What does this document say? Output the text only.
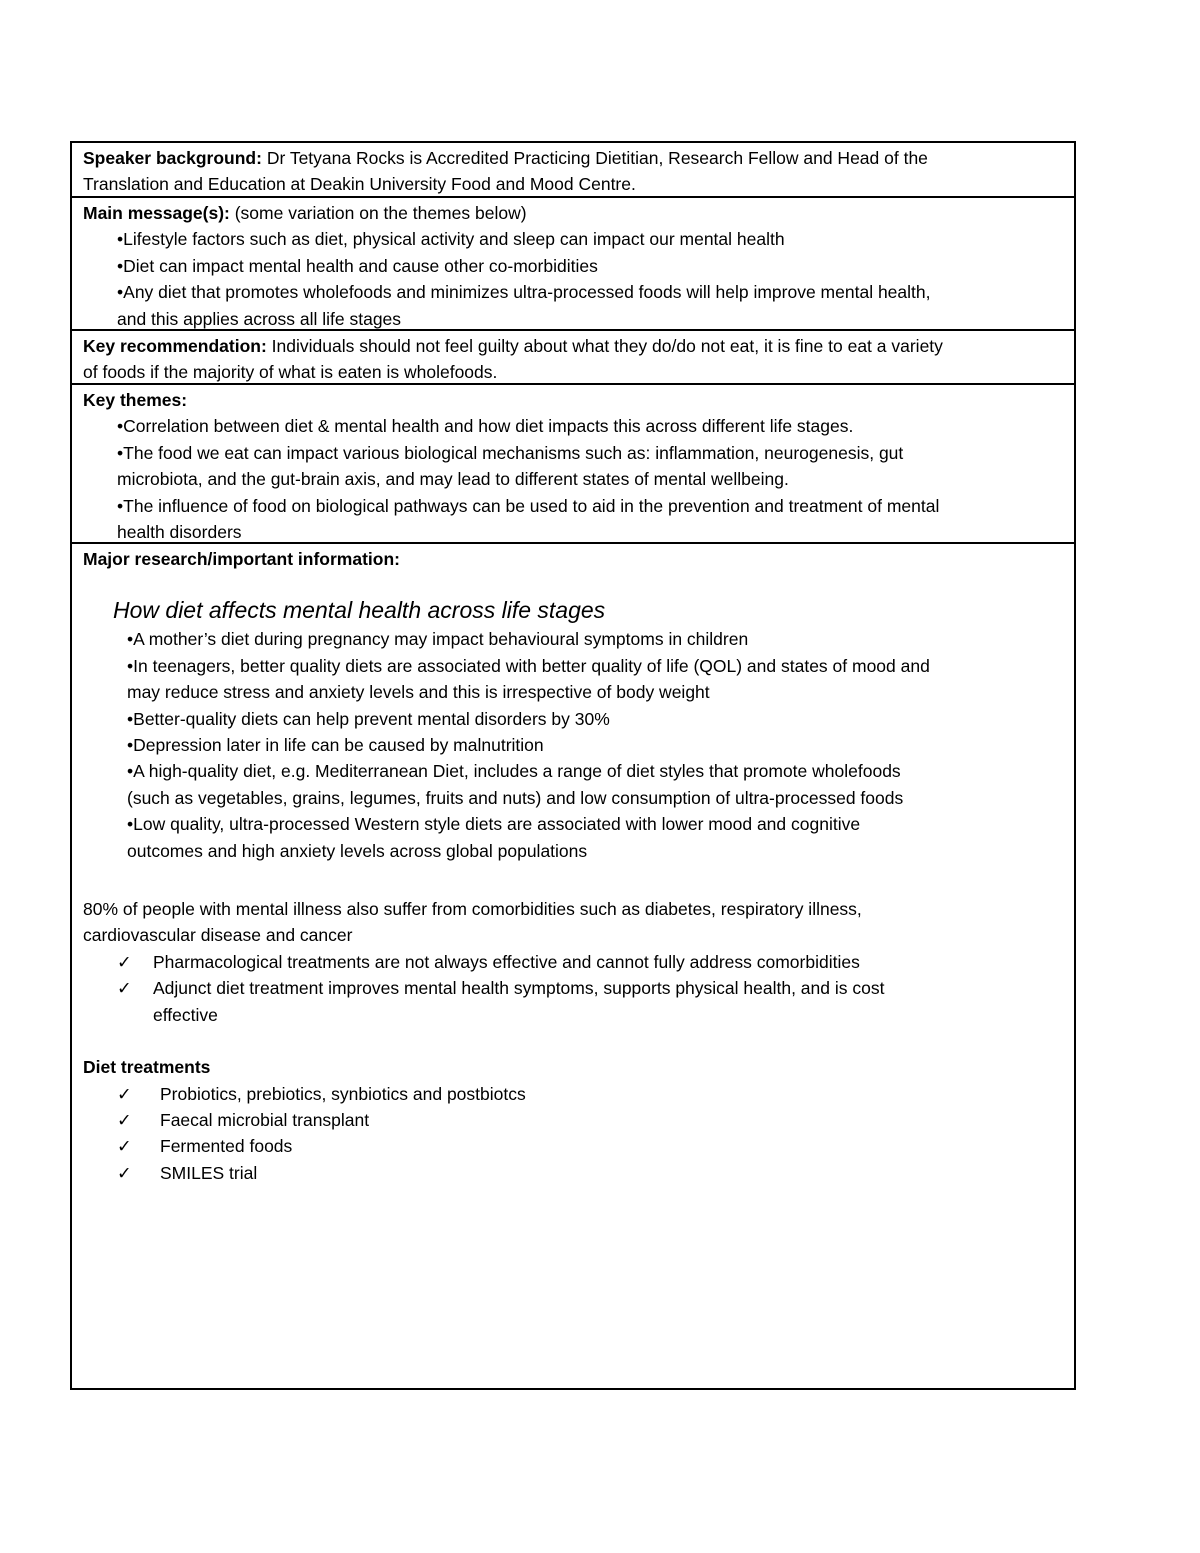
Speaker background: Dr Tetyana Rocks is Accredited Practicing Dietitian, Research Fellow and Head of the
Translation and Education at Deakin University Food and Mood Centre.
Main message(s): (some variation on the themes below)
• Lifestyle factors such as diet, physical activity and sleep can impact our mental health
• Diet can impact mental health and cause other co-morbidities
• Any diet that promotes wholefoods and minimizes ultra-processed foods will help improve mental health,
and this applies across all life stages
Key recommendation: Individuals should not feel guilty about what they do/do not eat, it is fine to eat a variety
of foods if the majority of what is eaten is wholefoods.
Key themes:
• Correlation between diet & mental health and how diet impacts this across different life stages.
• The food we eat can impact various biological mechanisms such as: inflammation, neurogenesis, gut
microbiota, and the gut-brain axis, and may lead to different states of mental wellbeing.
• The influence of food on biological pathways can be used to aid in the prevention and treatment of mental
health disorders
Major research/important information:
How diet affects mental health across life stages
• A mother’s diet during pregnancy may impact behavioural symptoms in children
• In teenagers, better quality diets are associated with better quality of life (QOL) and states of mood and
may reduce stress and anxiety levels and this is irrespective of body weight
• Better-quality diets can help prevent mental disorders by 30%
• Depression later in life can be caused by malnutrition
• A high-quality diet, e.g. Mediterranean Diet, includes a range of diet styles that promote wholefoods
(such as vegetables, grains, legumes, fruits and nuts) and low consumption of ultra-processed foods
• Low quality, ultra-processed Western style diets are associated with lower mood and cognitive
outcomes and high anxiety levels across global populations
80% of people with mental illness also suffer from comorbidities such as diabetes, respiratory illness,
cardiovascular disease and cancer
✓ Pharmacological treatments are not always effective and cannot fully address comorbidities
✓ Adjunct diet treatment improves mental health symptoms, supports physical health, and is cost
effective
Diet treatments
✓ Probiotics, prebiotics, synbiotics and postbiotcs
✓ Faecal microbial transplant
✓ Fermented foods
✓ SMILES trial
